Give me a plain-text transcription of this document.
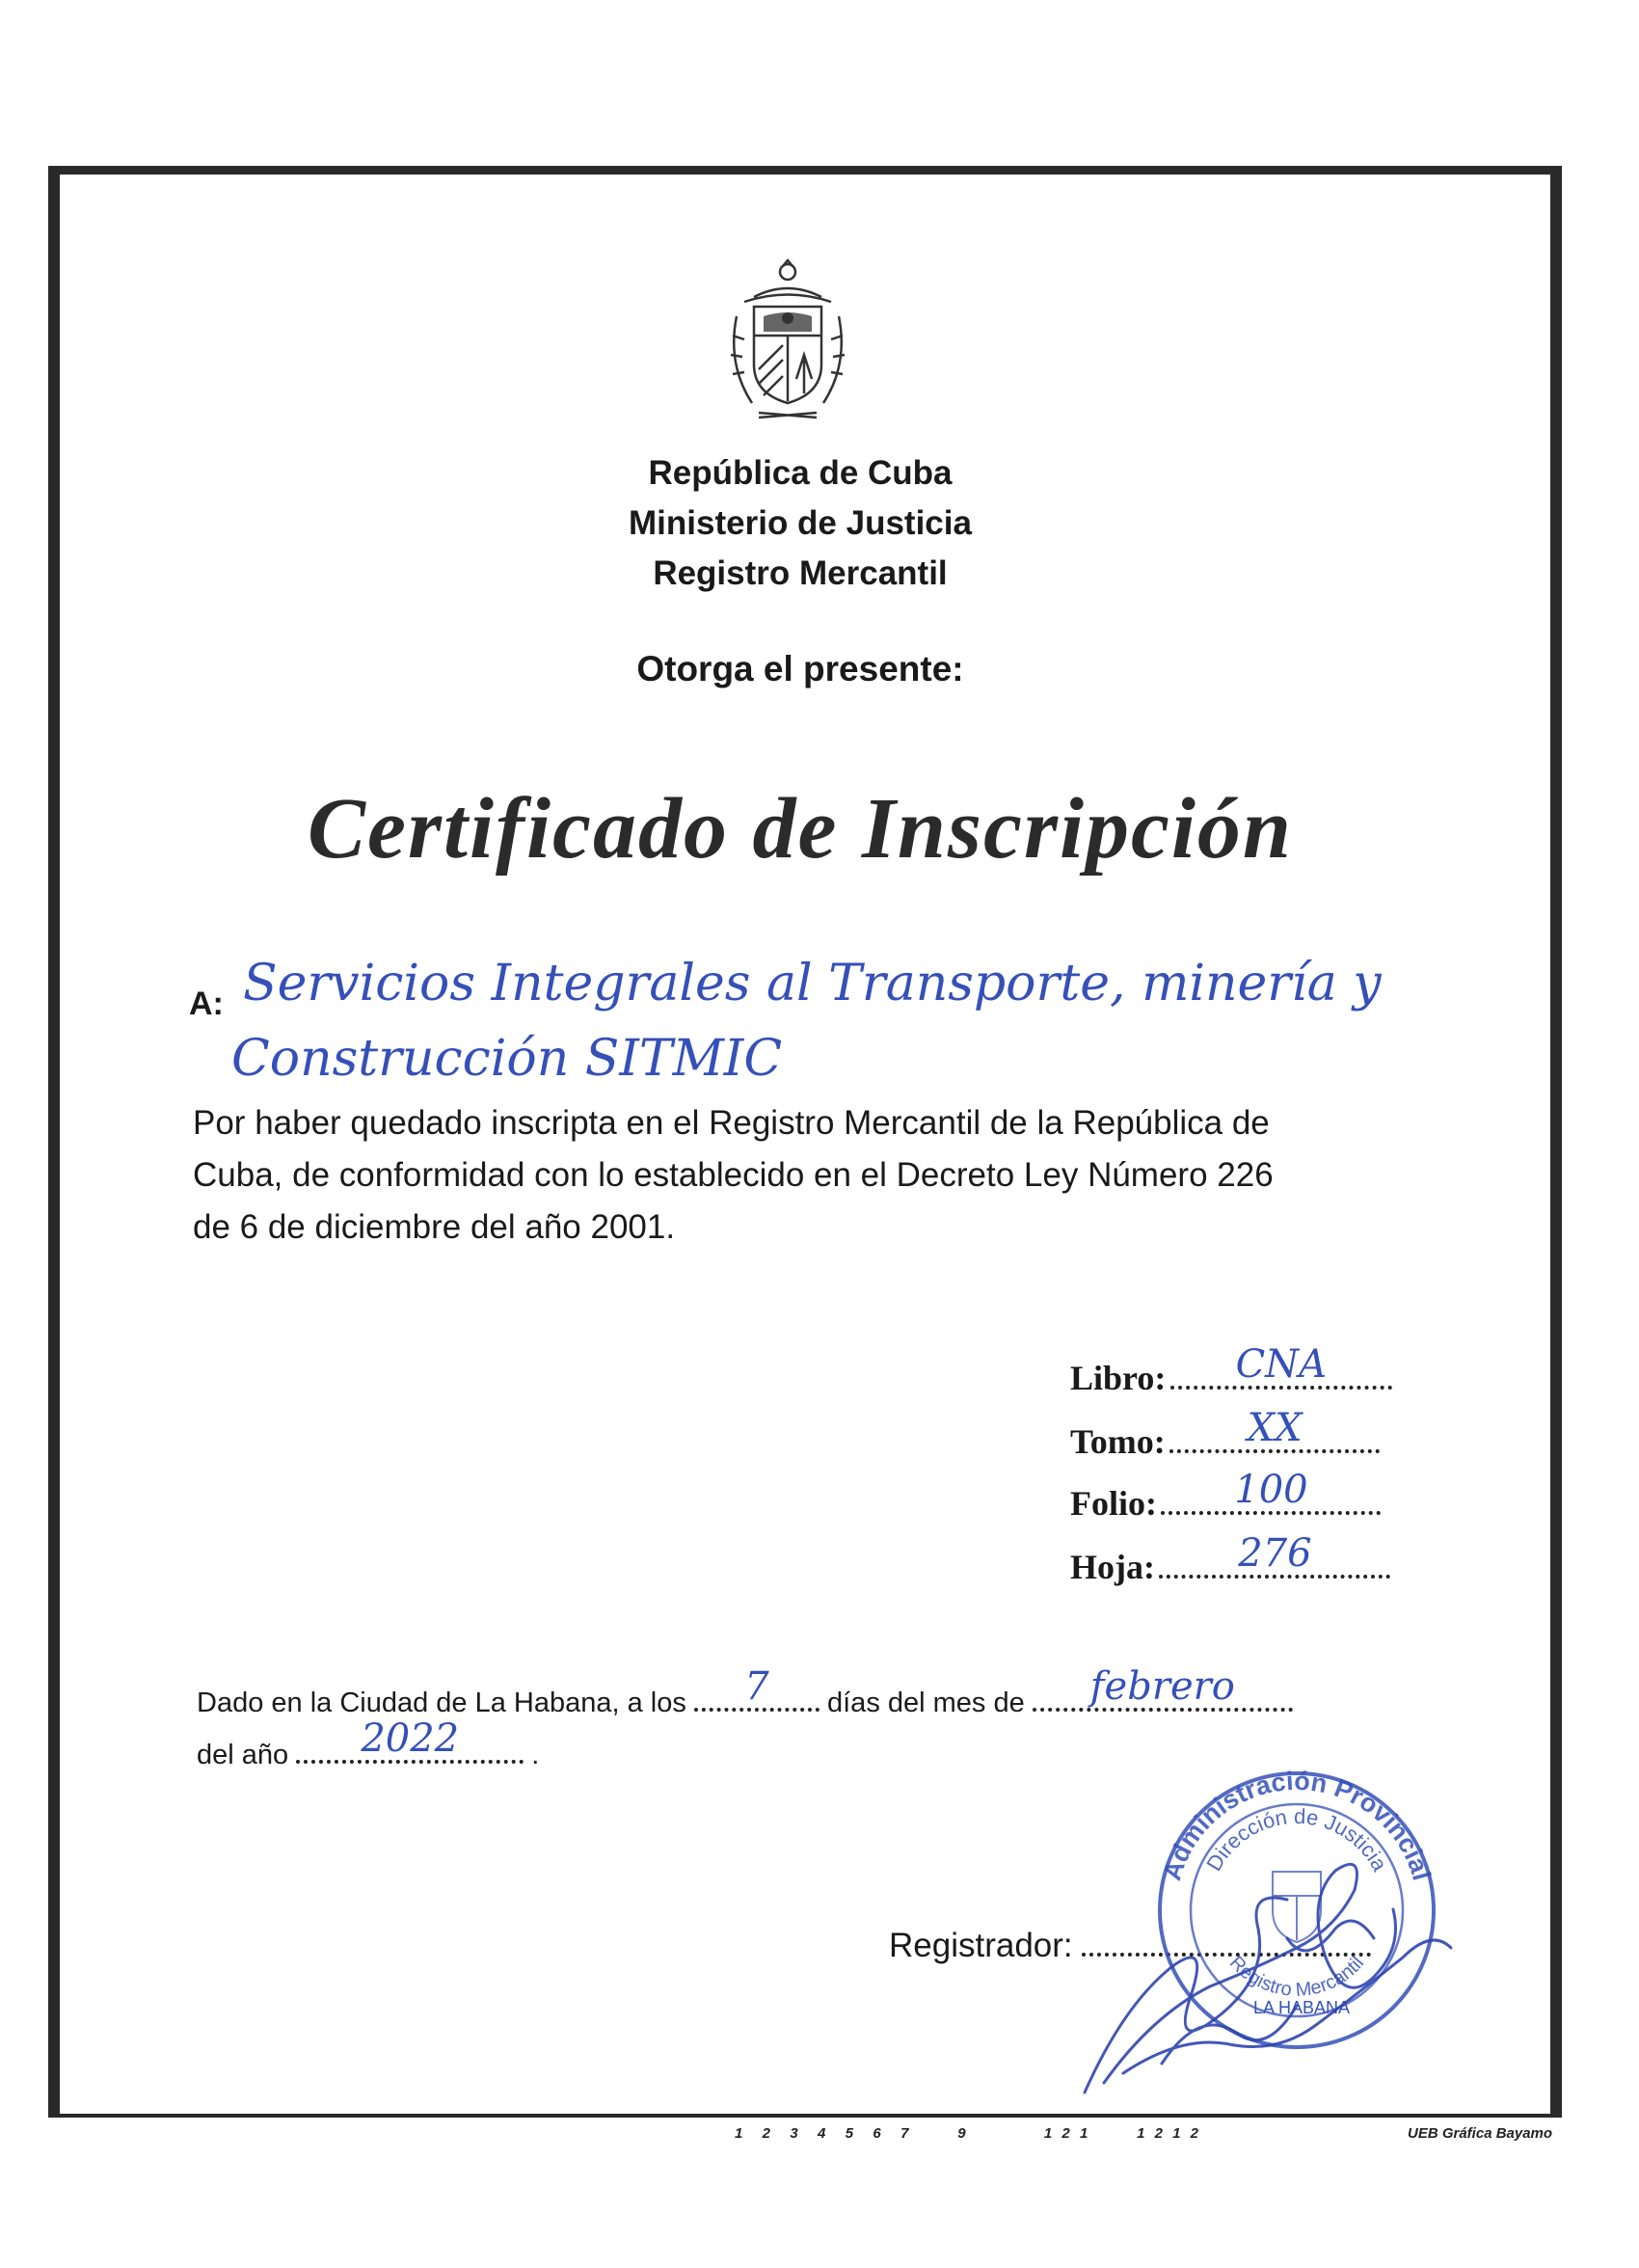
República de Cuba
Ministerio de Justicia
Registro Mercantil
Otorga el presente:
Certificado de Inscripción
A: Servicios Integrales al Transporte, minería y
Construcción SITMIC
Por haber quedado inscripta en el Registro Mercantil de la República de
Cuba, de conformidad con lo establecido en el Decreto Ley Número 226
de 6 de diciembre del año 2001.
Libro:	CNA
Tomo:	XX
Folio:	100
Hoja:	276
Dado en la Ciudad de La Habana, a los	7	días del mes de	febrero
del año	2022	.
Registrador:
Administración Provincial
Dirección de Justicia
Registro Mercantil
LA HABANA
1  2  3  4  5  6  7     9        1 2 1     1 2 1 2	UEB Gráfica Bayamo
